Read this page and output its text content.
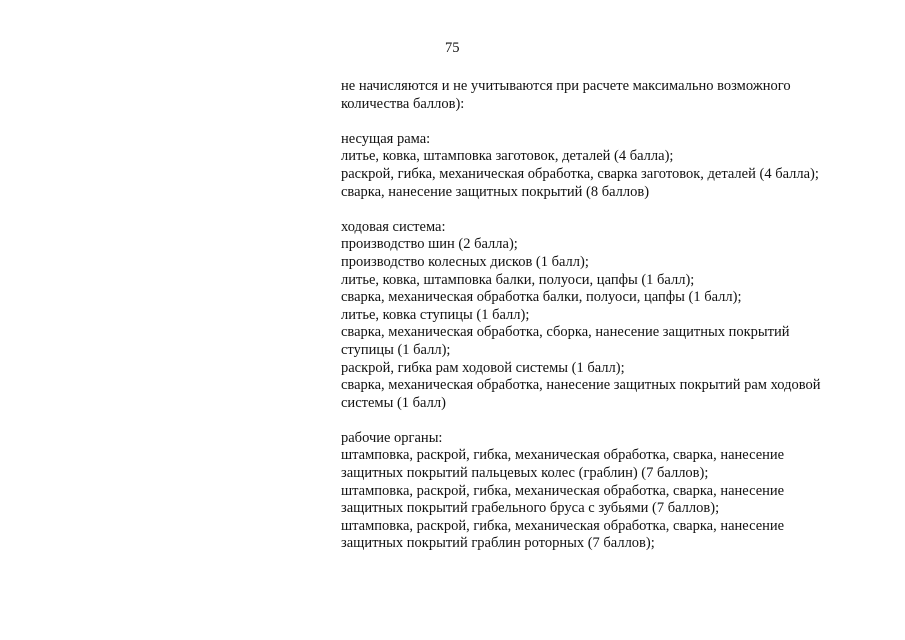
75
не начисляются и не учитываются при расчете максимально возможного
количества баллов):
несущая рама:
литье, ковка, штамповка заготовок, деталей (4 балла);
раскрой, гибка, механическая обработка, сварка заготовок, деталей (4 балла);
сварка, нанесение защитных покрытий (8 баллов)
ходовая система:
производство шин (2 балла);
производство колесных дисков (1 балл);
литье, ковка, штамповка балки, полуоси, цапфы (1 балл);
сварка, механическая обработка балки, полуоси, цапфы (1 балл);
литье, ковка ступицы (1 балл);
сварка, механическая обработка, сборка, нанесение защитных покрытий
ступицы (1 балл);
раскрой, гибка рам ходовой системы (1 балл);
сварка, механическая обработка, нанесение защитных покрытий рам ходовой
системы (1 балл)
рабочие органы:
штамповка, раскрой, гибка, механическая обработка, сварка, нанесение
защитных покрытий пальцевых колес (граблин) (7 баллов);
штамповка, раскрой, гибка, механическая обработка, сварка, нанесение
защитных покрытий грабельного бруса с зубьями (7 баллов);
штамповка, раскрой, гибка, механическая обработка, сварка, нанесение
защитных покрытий граблин роторных (7 баллов);
